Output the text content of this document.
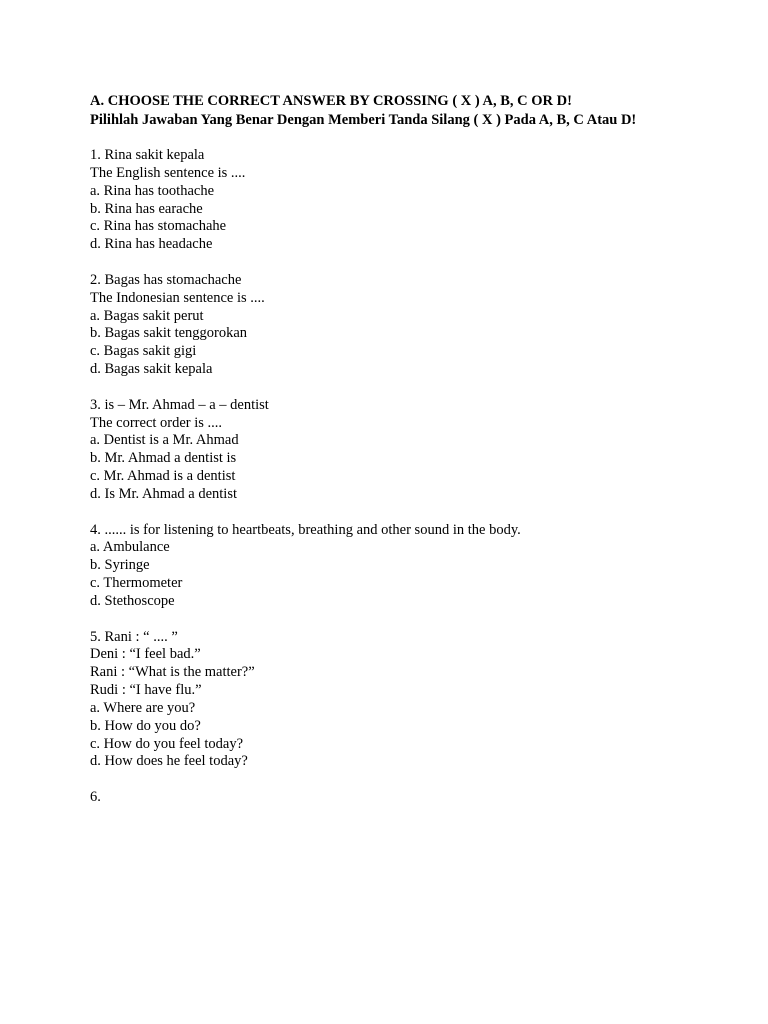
A. CHOOSE THE CORRECT ANSWER BY CROSSING ( X ) A, B, C OR D!

Pilihlah Jawaban Yang Benar Dengan Memberi Tanda Silang ( X ) Pada A, B, C Atau D!

1. Rina sakit kepala

The English sentence is ....

a. Rina has toothache

b. Rina has earache

c. Rina has stomachahe

d. Rina has headache

2. Bagas has stomachache

The Indonesian sentence is ....

a. Bagas sakit perut

b. Bagas sakit tenggorokan

c. Bagas sakit gigi

d. Bagas sakit kepala

3. is – Mr. Ahmad – a – dentist

The correct order is ....

a. Dentist is a Mr. Ahmad

b. Mr. Ahmad a dentist is

c. Mr. Ahmad is a dentist

d. Is Mr. Ahmad a dentist

4. ...... is for listening to heartbeats, breathing and other sound in the body.

a. Ambulance

b. Syringe

c. Thermometer

d. Stethoscope

5. Rani : “ .... ”

Deni : “I feel bad.”

Rani : “What is the matter?”

Rudi : “I have flu.”

a. Where are you?

b. How do you do?

c. How do you feel today?

d. How does he feel today?

6.
